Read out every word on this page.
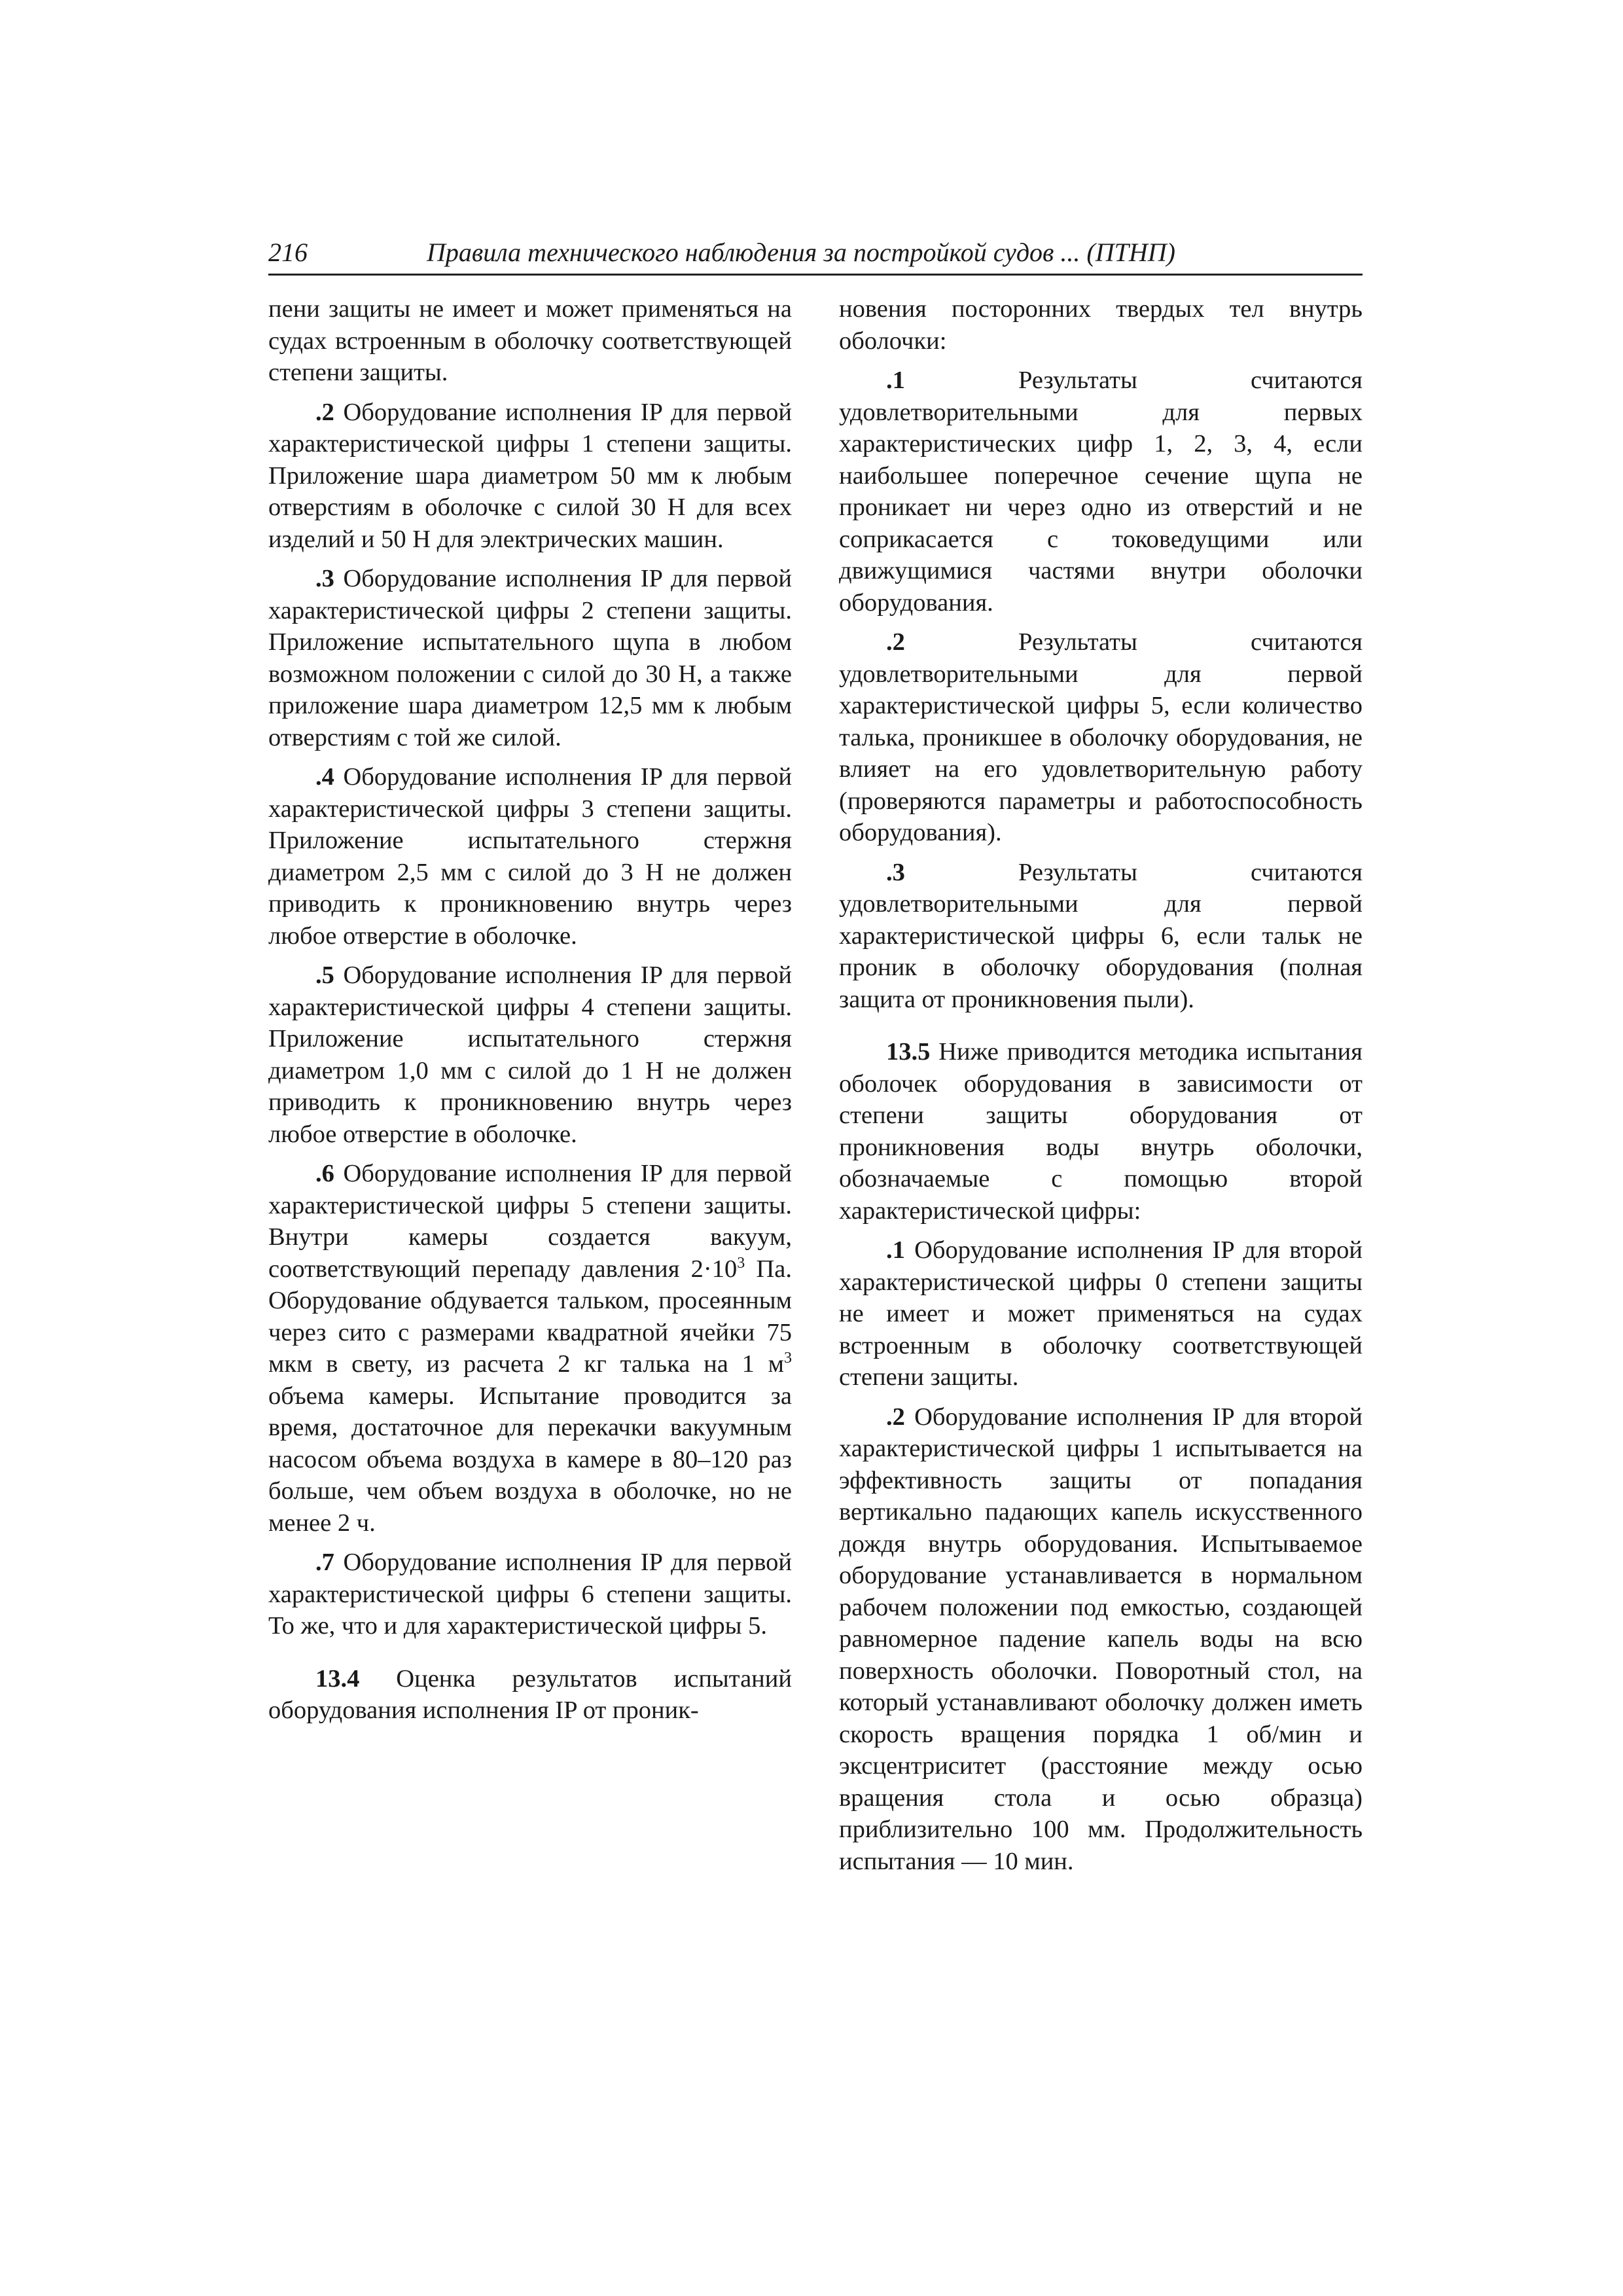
216	Правила технического наблюдения за постройкой судов ... (ПТНП)

пени защиты не имеет и может применяться на судах встроенным в оболочку соответствующей степени защиты.

.2 Оборудование исполнения IP для первой характеристической цифры 1 степени защиты. Приложение шара диаметром 50 мм к любым отверстиям в оболочке с силой 30 Н для всех изделий и 50 Н для электрических машин.

.3 Оборудование исполнения IP для первой характеристической цифры 2 степени защиты. Приложение испытательного щупа в любом возможном положении с силой до 30 Н, а также приложение шара диаметром 12,5 мм к любым отверстиям с той же силой.

.4 Оборудование исполнения IP для первой характеристической цифры 3 степени защиты. Приложение испытательного стержня диаметром 2,5 мм с силой до 3 Н не должен приводить к проникновению внутрь через любое отверстие в оболочке.

.5 Оборудование исполнения IP для первой характеристической цифры 4 степени защиты. Приложение испытательного стержня диаметром 1,0 мм с силой до 1 Н не должен приводить к проникновению внутрь через любое отверстие в оболочке.

.6 Оборудование исполнения IP для первой характеристической цифры 5 степени защиты. Внутри камеры создается вакуум, соответствующий перепаду давления $2\cdot 10^3$ Па. Оборудование обдувается тальком, просеянным через сито с размерами квадратной ячейки 75 мкм в свету, из расчета 2 кг талька на 1 $м^3$ объема камеры. Испытание проводится за время, достаточное для перекачки вакуумным насосом объема воздуха в камере в 80–120 раз больше, чем объем воздуха в оболочке, но не менее 2 ч.

.7 Оборудование исполнения IP для первой характеристической цифры 6 степени защиты. То же, что и для характеристической цифры 5.

13.4 Оценка результатов испытаний оборудования исполнения IP от проник-

новения посторонних твердых тел внутрь оболочки:

.1 Результаты считаются удовлетворительными для первых характеристических цифр 1, 2, 3, 4, если наибольшее поперечное сечение щупа не проникает ни через одно из отверстий и не соприкасается с токоведущими или движущимися частями внутри оболочки оборудования.

.2 Результаты считаются удовлетворительными для первой характеристической цифры 5, если количество талька, проникшее в оболочку оборудования, не влияет на его удовлетворительную работу (проверяются параметры и работоспособность оборудования).

.3 Результаты считаются удовлетворительными для первой характеристической цифры 6, если тальк не проник в оболочку оборудования (полная защита от проникновения пыли).

13.5 Ниже приводится методика испытания оболочек оборудования в зависимости от степени защиты оборудования от проникновения воды внутрь оболочки, обозначаемые с помощью второй характеристической цифры:

.1 Оборудование исполнения IP для второй характеристической цифры 0 степени защиты не имеет и может применяться на судах встроенным в оболочку соответствующей степени защиты.

.2 Оборудование исполнения IP для второй характеристической цифры 1 испытывается на эффективность защиты от попадания вертикально падающих капель искусственного дождя внутрь оборудования. Испытываемое оборудование устанавливается в нормальном рабочем положении под емкостью, создающей равномерное падение капель воды на всю поверхность оболочки. Поворотный стол, на который устанавливают оболочку должен иметь скорость вращения порядка 1 об/мин и эксцентриситет (расстояние между осью вращения стола и осью образца) приблизительно 100 мм. Продолжительность испытания — 10 мин.
